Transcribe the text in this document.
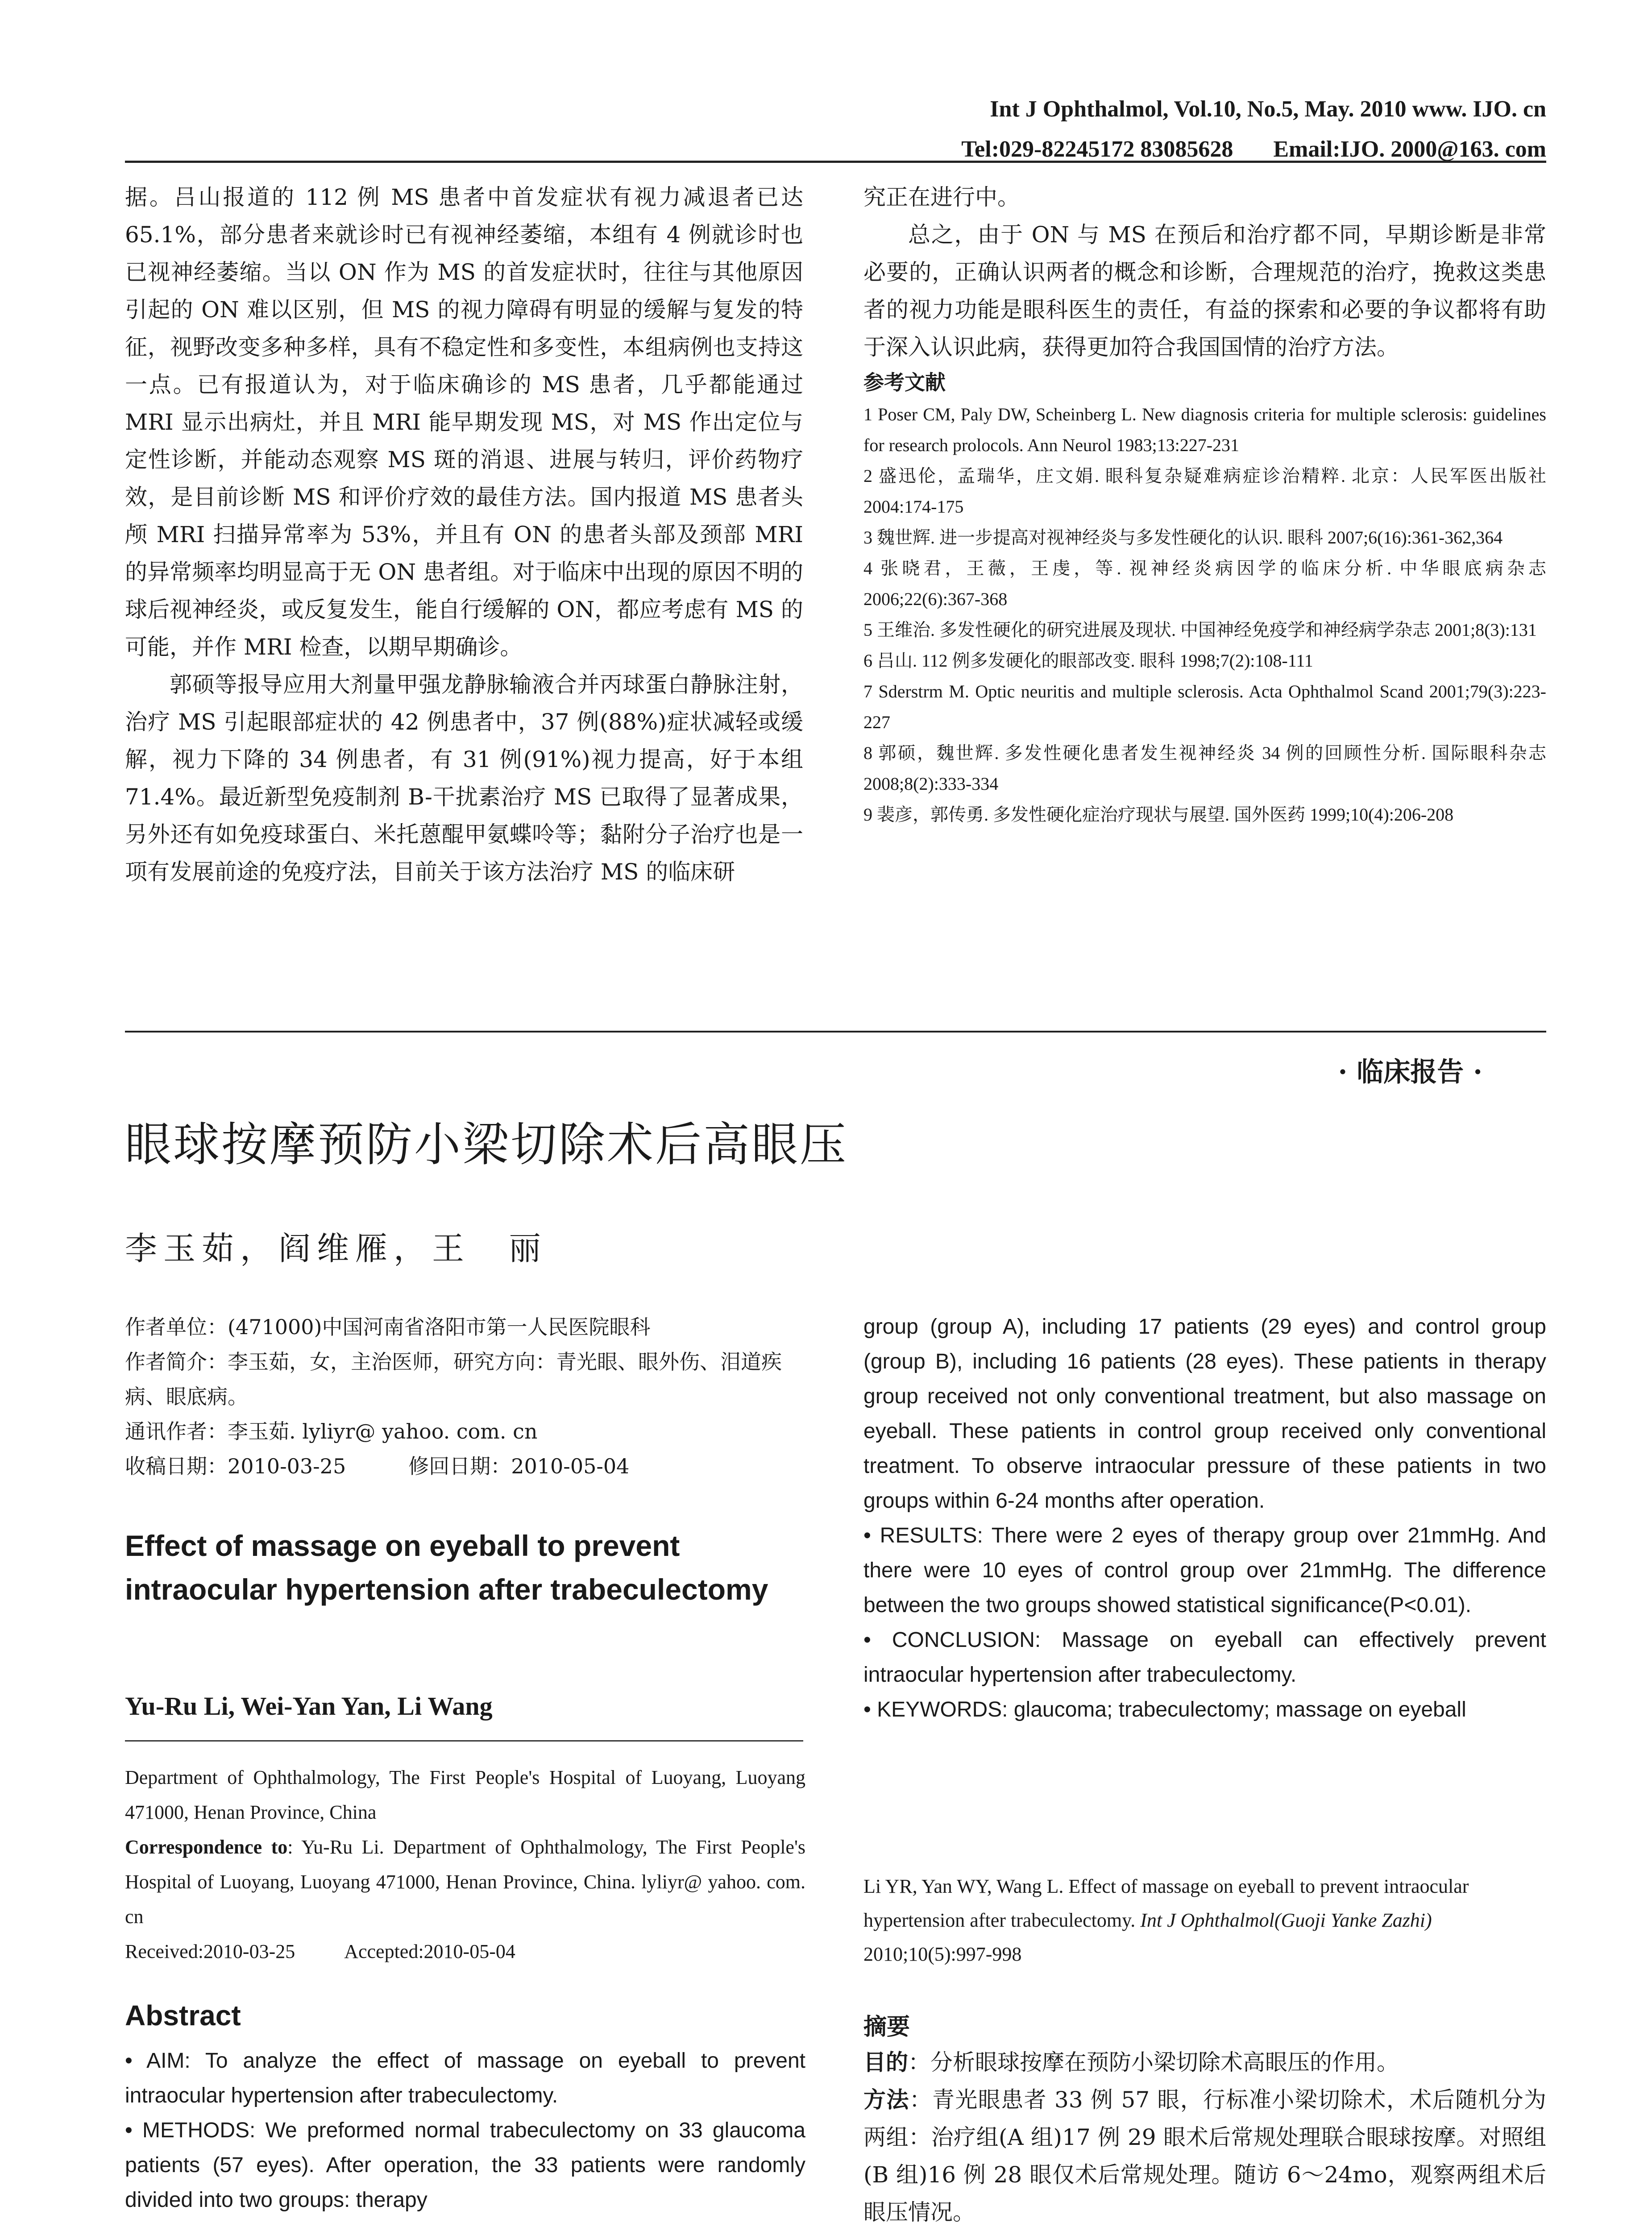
Int J Ophthalmol, Vol.10, No.5, May. 2010 www. IJO. cn
Tel:029-82245172 83085628 Email:IJO. 2000@163. com

据。吕山报道的 112 例 MS 患者中首发症状有视力减退者已达 65.1%，部分患者来就诊时已有视神经萎缩，本组有 4 例就诊时也已视神经萎缩。当以 ON 作为 MS 的首发症状时，往往与其他原因引起的 ON 难以区别，但 MS 的视力障碍有明显的缓解与复发的特征，视野改变多种多样，具有不稳定性和多变性，本组病例也支持这一点。已有报道认为，对于临床确诊的 MS 患者，几乎都能通过 MRI 显示出病灶，并且 MRI 能早期发现 MS，对 MS 作出定位与定性诊断，并能动态观察 MS 斑的消退、进展与转归，评价药物疗效，是目前诊断 MS 和评价疗效的最佳方法。国内报道 MS 患者头颅 MRI 扫描异常率为 53%，并且有 ON 的患者头部及颈部 MRI 的异常频率均明显高于无 ON 患者组。对于临床中出现的原因不明的球后视神经炎，或反复发生，能自行缓解的 ON，都应考虑有 MS 的可能，并作 MRI 检查，以期早期确诊。

郭硕等报导应用大剂量甲强龙静脉输液合并丙球蛋白静脉注射，治疗 MS 引起眼部症状的 42 例患者中，37 例(88%)症状减轻或缓解，视力下降的 34 例患者，有 31 例(91%)视力提高，好于本组 71.4%。最近新型免疫制剂 B-干扰素治疗 MS 已取得了显著成果，另外还有如免疫球蛋白、米托蒽醌甲氨蝶呤等；黏附分子治疗也是一项有发展前途的免疫疗法，目前关于该方法治疗 MS 的临床研

究正在进行中。

总之，由于 ON 与 MS 在预后和治疗都不同，早期诊断是非常必要的，正确认识两者的概念和诊断，合理规范的治疗，挽救这类患者的视力功能是眼科医生的责任，有益的探索和必要的争议都将有助于深入认识此病，获得更加符合我国国情的治疗方法。

参考文献

1 Poser CM, Paly DW, Scheinberg L. New diagnosis criteria for multiple sclerosis: guidelines for research prolocols. Ann Neurol 1983;13:227-231
2 盛迅伦，孟瑞华，庄文娟. 眼科复杂疑难病症诊治精粹. 北京：人民军医出版社 2004:174-175
3 魏世辉. 进一步提高对视神经炎与多发性硬化的认识. 眼科 2007;6(16):361-362,364
4 张晓君，王薇，王虔，等. 视神经炎病因学的临床分析. 中华眼底病杂志 2006;22(6):367-368
5 王维治. 多发性硬化的研究进展及现状. 中国神经免疫学和神经病学杂志 2001;8(3):131
6 吕山. 112 例多发硬化的眼部改变. 眼科 1998;7(2):108-111
7 Sderstrm M. Optic neuritis and multiple sclerosis. Acta Ophthalmol Scand 2001;79(3):223-227
8 郭硕，魏世辉. 多发性硬化患者发生视神经炎 34 例的回顾性分析. 国际眼科杂志 2008;8(2):333-334
9 裴彦，郭传勇. 多发性硬化症治疗现状与展望. 国外医药 1999;10(4):206-208
· 临床报告 ·
眼球按摩预防小梁切除术后高眼压
李玉茹，阎维雁，王　丽

作者单位：(471000)中国河南省洛阳市第一人民医院眼科

作者简介：李玉茹，女，主治医师，研究方向：青光眼、眼外伤、泪道疾病、眼底病。

通讯作者：李玉茹. lyliyr@ yahoo. com. cn

收稿日期：2010-03-25	修回日期：2010-05-04

Effect of massage on eyeball to prevent intraocular hypertension after trabeculectomy
Yu-Ru Li, Wei-Yan Yan, Li Wang

Department of Ophthalmology, The First People's Hospital of Luoyang, Luoyang 471000, Henan Province, China

Correspondence to: Yu-Ru Li. Department of Ophthalmology, The First People's Hospital of Luoyang, Luoyang 471000, Henan Province, China. lyliyr@ yahoo. com. cn

Received:2010-03-25	Accepted:2010-05-04

Abstract

• AIM: To analyze the effect of massage on eyeball to prevent intraocular hypertension after trabeculectomy.

• METHODS: We preformed normal trabeculectomy on 33 glaucoma patients (57 eyes). After operation, the 33 patients were randomly divided into two groups: therapy

group (group A), including 17 patients (29 eyes) and control group (group B), including 16 patients (28 eyes). These patients in therapy group received not only conventional treatment, but also massage on eyeball. These patients in control group received only conventional treatment. To observe intraocular pressure of these patients in two groups within 6-24 months after operation.

• RESULTS: There were 2 eyes of therapy group over 21mmHg. And there were 10 eyes of control group over 21mmHg. The difference between the two groups showed statistical significance(P<0.01).

• CONCLUSION: Massage on eyeball can effectively prevent intraocular hypertension after trabeculectomy.

• KEYWORDS: glaucoma; trabeculectomy; massage on eyeball

Li YR, Yan WY, Wang L. Effect of massage on eyeball to prevent intraocular hypertension after trabeculectomy. Int J Ophthalmol(Guoji Yanke Zazhi) 2010;10(5):997-998
摘要

目的：分析眼球按摩在预防小梁切除术高眼压的作用。

方法：青光眼患者 33 例 57 眼，行标准小梁切除术，术后随机分为两组：治疗组(A 组)17 例 29 眼术后常规处理联合眼球按摩。对照组(B 组)16 例 28 眼仅术后常规处理。随访 6～24mo，观察两组术后眼压情况。
